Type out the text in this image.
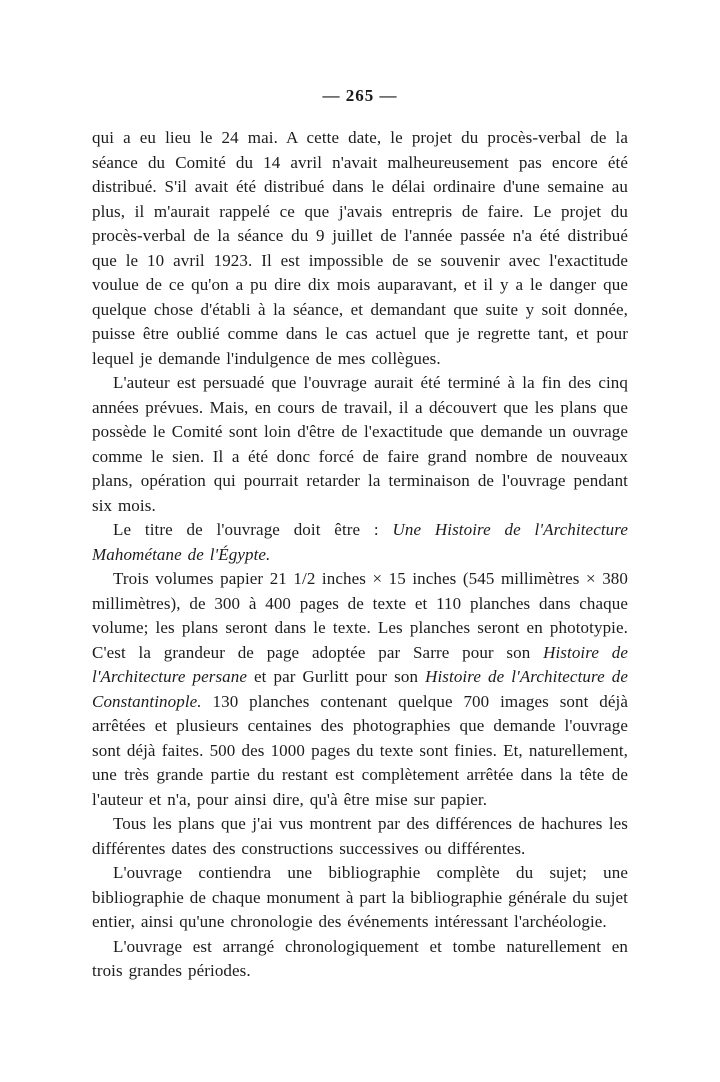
— 265 —

qui a eu lieu le 24 mai. A cette date, le projet du procès-verbal de la séance du Comité du 14 avril n'avait malheureusement pas encore été distribué. S'il avait été distribué dans le délai ordinaire d'une semaine au plus, il m'aurait rappelé ce que j'avais entrepris de faire. Le projet du procès-verbal de la séance du 9 juillet de l'année passée n'a été distribué que le 10 avril 1923. Il est impossible de se souvenir avec l'exactitude voulue de ce qu'on a pu dire dix mois auparavant, et il y a le danger que quelque chose d'établi à la séance, et demandant que suite y soit donnée, puisse être oublié comme dans le cas actuel que je regrette tant, et pour lequel je demande l'indulgence de mes collègues.

L'auteur est persuadé que l'ouvrage aurait été terminé à la fin des cinq années prévues. Mais, en cours de travail, il a découvert que les plans que possède le Comité sont loin d'être de l'exactitude que demande un ouvrage comme le sien. Il a été donc forcé de faire grand nombre de nouveaux plans, opération qui pourrait retarder la terminaison de l'ouvrage pendant six mois.

Le titre de l'ouvrage doit être : Une Histoire de l'Architecture Mahométane de l'Égypte.

Trois volumes papier 21 1/2 inches × 15 inches (545 millimètres × 380 millimètres), de 300 à 400 pages de texte et 110 planches dans chaque volume; les plans seront dans le texte. Les planches seront en phototypie. C'est la grandeur de page adoptée par Sarre pour son Histoire de l'Architecture persane et par Gurlitt pour son Histoire de l'Architecture de Constantinople. 130 planches contenant quelque 700 images sont déjà arrêtées et plusieurs centaines des photographies que demande l'ouvrage sont déjà faites. 500 des 1000 pages du texte sont finies. Et, naturellement, une très grande partie du restant est complètement arrêtée dans la tête de l'auteur et n'a, pour ainsi dire, qu'à être mise sur papier.

Tous les plans que j'ai vus montrent par des différences de hachures les différentes dates des constructions successives ou différentes.

L'ouvrage contiendra une bibliographie complète du sujet; une bibliographie de chaque monument à part la bibliographie générale du sujet entier, ainsi qu'une chronologie des événements intéressant l'archéologie.

L'ouvrage est arrangé chronologiquement et tombe naturellement en trois grandes périodes.
